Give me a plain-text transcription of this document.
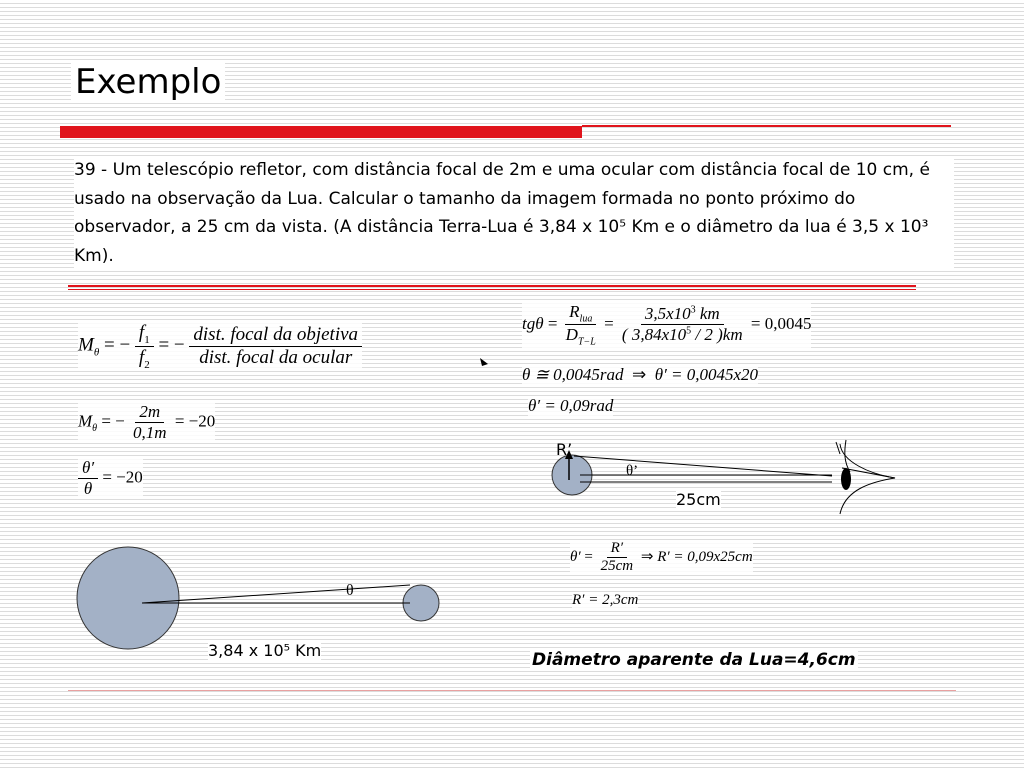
Exemplo
39 - Um telescópio refletor, com distância focal de 2m e uma ocular com distância focal de 10 cm, é usado na observação da Lua. Calcular o tamanho da imagem formada no ponto próximo do observador, a 25 cm da vista. (A distância Terra-Lua é 3,84 x 10⁵ Km e o diâmetro da lua é 3,5 x 10³ Km).
$M_\theta$ = − $\frac{f_1}{f_2}$ = − $\frac{\text{dist. focal da objetiva}}{\text{dist. focal da ocular}}$
$M_\theta$ = − $\frac{2m}{0,1m} = -20$
$\frac{\theta'}{\theta} = -20$
$tg\theta = \frac{R_{lua}}{D_{T-L}} = \frac{3,5x10^3 km}{( 3,84x10^5 / 2 )km} = 0,0045$
θ ≅ 0,0045rad  ⇒  θ′ = 0,0045x20
θ′ = 0,09rad
R’
θ’
25cm
θ
3,84 x 10⁵ Km
$\theta' = \frac{R'}{25cm}$ ⇒ R′ = 0,09x25cm
R′ = 2,3cm
Diâmetro aparente da Lua=4,6cm
